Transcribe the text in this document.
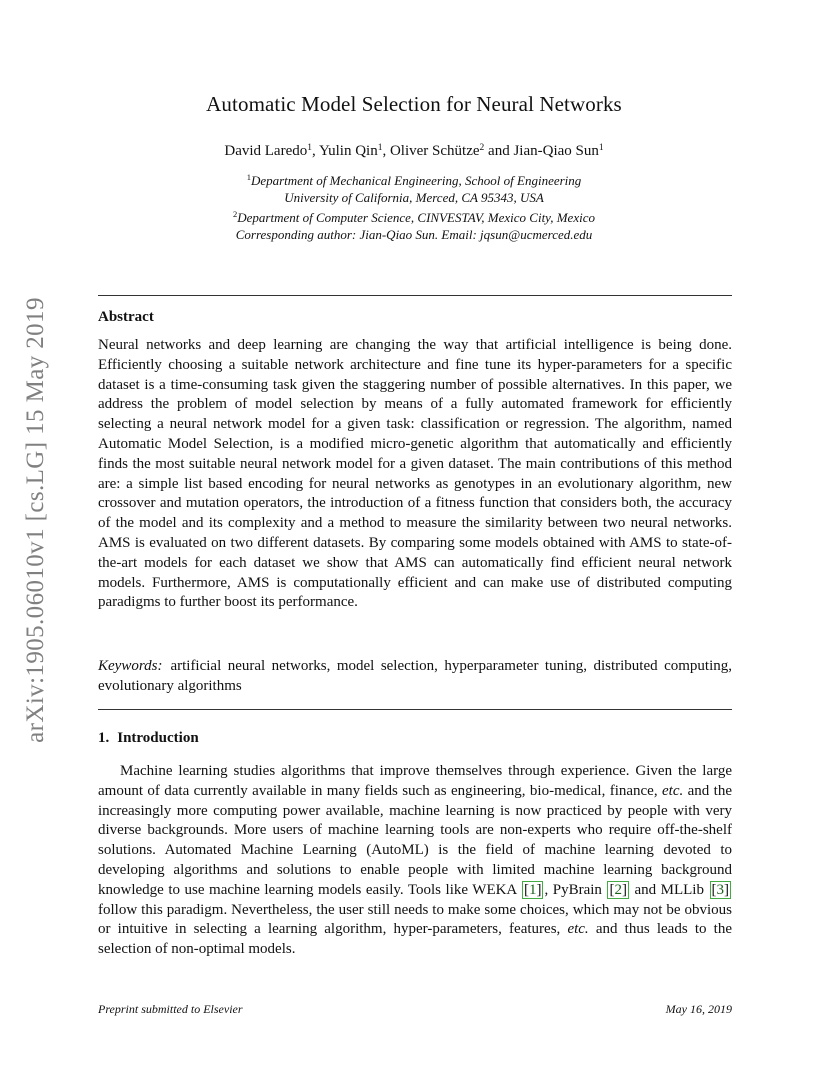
arXiv:1905.06010v1 [cs.LG] 15 May 2019
Automatic Model Selection for Neural Networks
David Laredo$^1$, Yulin Qin$^1$, Oliver Schütze$^2$ and Jian-Qiao Sun$^1$
$^1$Department of Mechanical Engineering, School of Engineering
University of California, Merced, CA 95343, USA
$^2$Department of Computer Science, CINVESTAV, Mexico City, Mexico
Corresponding author: Jian-Qiao Sun. Email: jqsun@ucmerced.edu
Abstract
Neural networks and deep learning are changing the way that artificial intelligence is being done. Efficiently choosing a suitable network architecture and fine tune its hyper-parameters for a specific dataset is a time-consuming task given the staggering number of possible alternatives. In this paper, we address the problem of model selection by means of a fully automated framework for efficiently selecting a neural network model for a given task: classification or regression. The algorithm, named Automatic Model Selection, is a modified micro-genetic algorithm that automatically and efficiently finds the most suitable neural network model for a given dataset. The main contributions of this method are: a simple list based encoding for neural networks as genotypes in an evolutionary algorithm, new crossover and mutation operators, the introduction of a fitness function that considers both, the accuracy of the model and its complexity and a method to measure the similarity between two neural networks. AMS is evaluated on two different datasets. By comparing some models obtained with AMS to state-of-the-art models for each dataset we show that AMS can automatically find efficient neural network models. Furthermore, AMS is computationally efficient and can make use of distributed computing paradigms to further boost its performance.
Keywords: artificial neural networks, model selection, hyperparameter tuning, distributed computing, evolutionary algorithms
1. Introduction
Machine learning studies algorithms that improve themselves through experience. Given the large amount of data currently available in many fields such as engineering, bio-medical, finance, etc. and the increasingly more computing power available, machine learning is now practiced by people with very diverse backgrounds. More users of machine learning tools are non-experts who require off-the-shelf solutions. Automated Machine Learning (AutoML) is the field of machine learning devoted to developing algorithms and solutions to enable people with limited machine learning background knowledge to use machine learning models easily. Tools like WEKA [ 1 ] , PyBrain [ 2 ] and MLLib [ 3 ] follow this paradigm. Nevertheless, the user still needs to make some choices, which may not be obvious or intuitive in selecting a learning algorithm, hyper-parameters, features, etc. and thus leads to the selection of non-optimal models.
Preprint submitted to Elsevier	May 16, 2019
